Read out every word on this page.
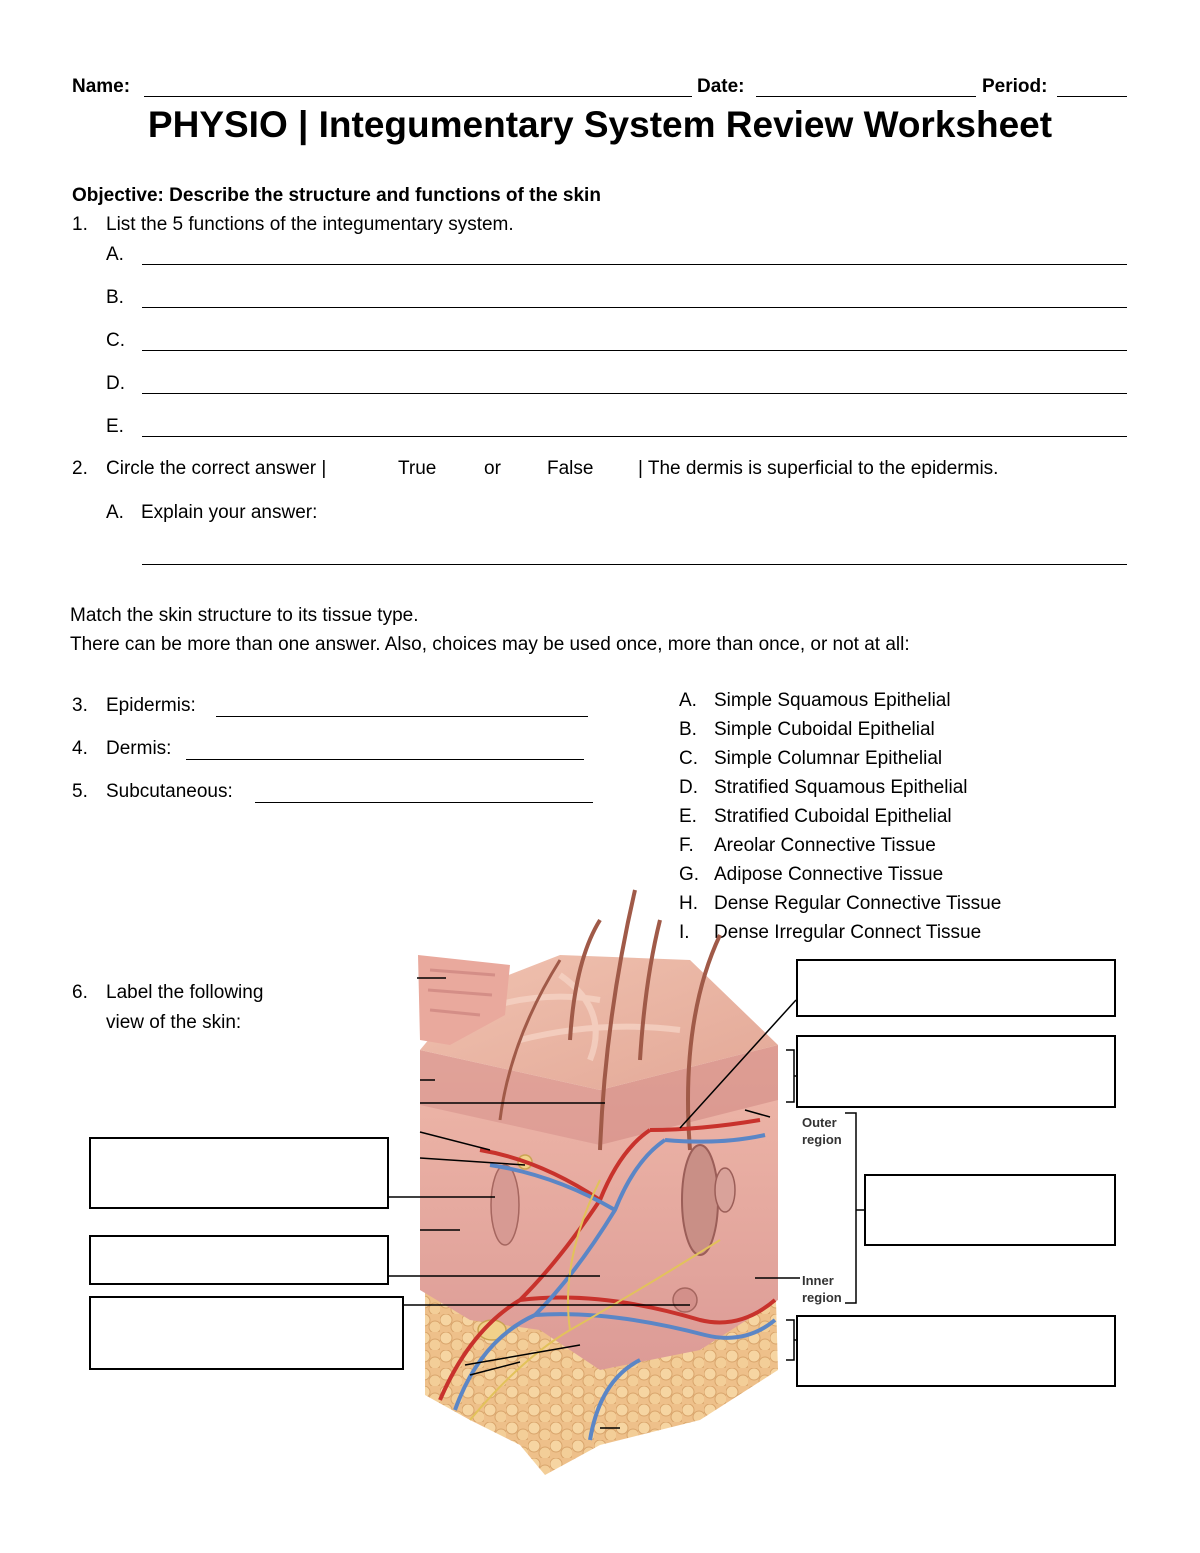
Name:	Date:	Period:
PHYSIO | Integumentary System Review Worksheet
Objective: Describe the structure and functions of the skin
1. List the 5 functions of the integumentary system.
A.
B.
C.
D.
E.
2. Circle the correct answer |	True	or False | The dermis is superficial to the epidermis.
A. Explain your answer:
Match the skin structure to its tissue type.
There can be more than one answer. Also, choices may be used once, more than once, or not at all:
3. Epidermis:
4. Dermis:
5. Subcutaneous:
A. Simple Squamous Epithelial
B. Simple Cuboidal Epithelial
C. Simple Columnar Epithelial
D. Stratified Squamous Epithelial
E. Stratified Cuboidal Epithelial
F. Areolar Connective Tissue
G. Adipose Connective Tissue
H. Dense Regular Connective Tissue
I. Dense Irregular Connect Tissue
6. Label the following
view of the skin:
Outer
region
Inner
region
